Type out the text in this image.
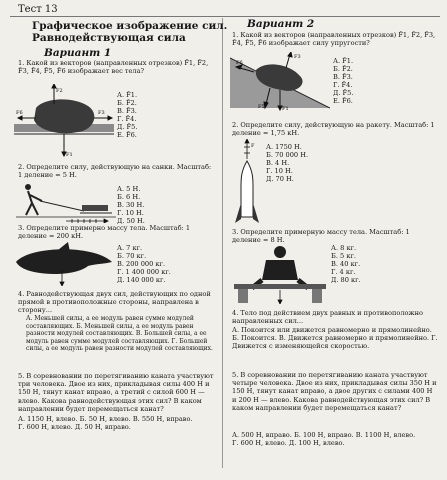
Тест 13
Графическое изображение сил.
Равнодействующая сила
Вариант 1
1. Какой из векторов (направленных отрезков) F̄1, F̄2, F̄3, F̄4, F̄5, F̄6 изображает вес тела?
F2
F1
F6	F3
А. F̄1.
Б. F̄2.
В. F̄3.
Г. F̄4.
Д. F̄5.
Е. F̄6.
2. Определите силу, действующую на санки. Масштаб: 1 деление = 5 Н.
А. 5 Н.
Б. 6 Н.
В. 30 Н.
Г. 10 Н.
Д. 50 Н.
3. Определите примерно массу тела. Масштаб: 1 деление = 200 кН.
А. 7 кг.
Б. 70 кг.
В. 200 000 кг.
Г. 1 400 000 кг.
Д. 140 000 кг.
4. Равнодействующая двух сил, действующих по одной прямой в противоположные стороны, направлена в сторону...
А. Меньшей силы, а ее модуль равен сумме модулей составляющих. Б. Меньшей силы, а ее модуль равен разности модулей составляющих. В. Большей силы, а ее модуль равен сумме модулей составляющих. Г. Большей силы, а ее модуль равен разности модулей составляющих.
5. В соревновании по перетягиванию каната участвуют три человека. Двое из них, прикладывая силы 400 Н и 150 Н, тянут канат вправо, а третий с силой 600 Н — влево. Какова равнодействующая этих сил? В каком направлении будет перемещаться канат?
А. 1150 Н, влево. Б. 50 Н, влево. В. 550 Н, вправо.
Г. 600 Н, влево. Д. 50 Н, вправо.
Вариант 2
1. Какой из векторов (направленных отрезков) F̄1, F̄2, F̄3, F̄4, F̄5, F̄6 изображает силу упругости?
F6
F5	F1
F3	А. F̄1.
Б. F̄2.
В. F̄3.
Г. F̄4.
Д. F̄5.
Е. F̄6.
2. Определите силу, действующую на ракету. Масштаб: 1 деление = 1,75 кН.
F А. 1750 Н.
Б. 70 000 Н.
В. 4 Н.
Г. 10 Н.
Д. 70 Н.
3. Определите примерную массу тела. Масштаб: 1 деление = 8 Н.
А. 8 кг.
Б. 5 кг.
В. 40 кг.
Г. 4 кг.
Д. 80 кг.
4. Тело под действием двух равных и противоположно направленных сил...
А. Покоится или движется равномерно и прямолинейно. Б. Покоится. В. Движется равномерно и прямолинейно. Г. Движется с изменяющейся скоростью.
5. В соревновании по перетягиванию каната участвуют четыре человека. Двое из них, прикладывая силы 350 Н и 150 Н, тянут канат вправо, а двое других с силами 400 Н и 200 Н — влево. Какова равнодействующая этих сил? В каком направлении будет перемещаться канат?
А. 500 Н, вправо. Б. 100 Н, вправо. В. 1100 Н, влево.
Г. 600 Н, влево. Д. 100 Н, влево.
